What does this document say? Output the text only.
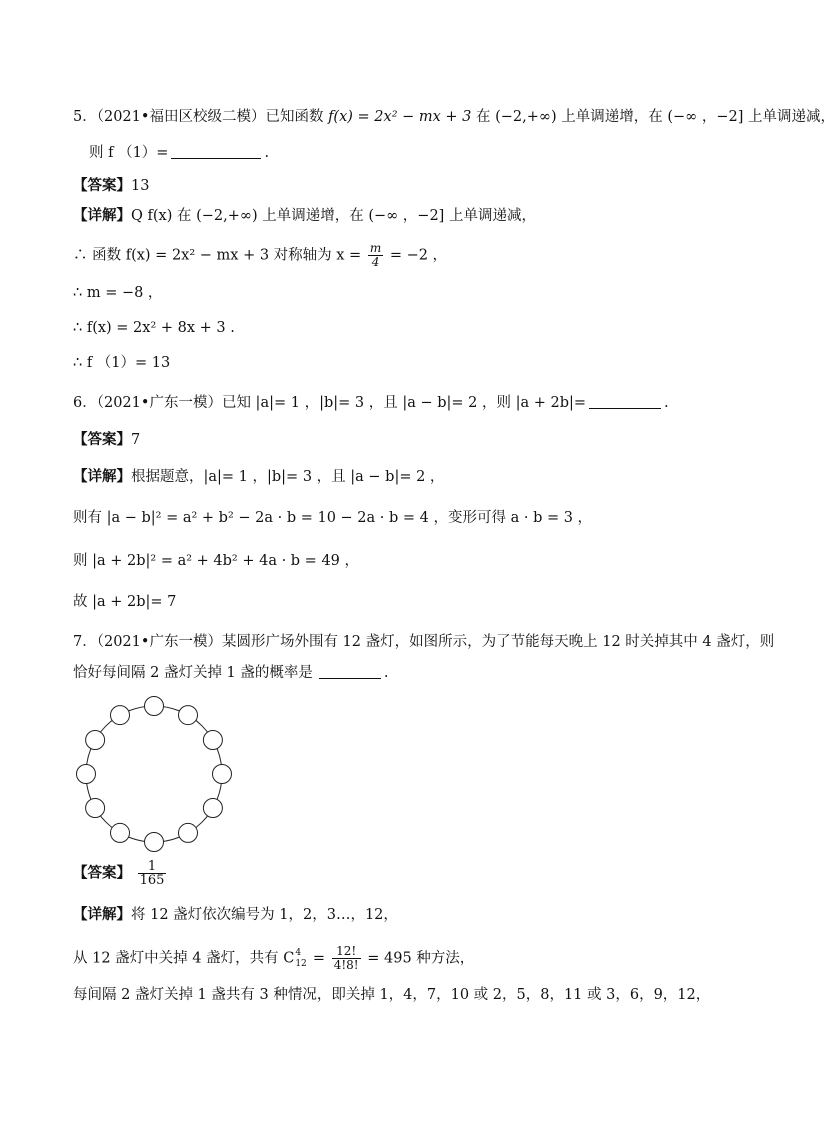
5．（2021•福田区校级二模）已知函数 f(x) = 2x² − mx + 3 在 (−2,+∞) 上单调递增，在 (−∞ ，−2] 上单调递减，
则 f （1）=	.
【答案】13
【详解】Q f(x) 在 (−2,+∞) 上单调递增，在 (−∞ ，−2] 上单调递减，
∴ 函数 f(x) = 2x² − mx + 3 对称轴为 $x = \frac{m}{4} = -2$ ，
∴ m = −8 ，
∴ f(x) = 2x² + 8x + 3 .
∴ f （1）= 13
6．（2021•广东一模）已知 |a|= 1 ，|b|= 3 ，且 |a − b|= 2 ，则 |a + 2b|=	.
【答案】7
【详解】根据题意，|a|= 1 ，|b|= 3 ，且 |a − b|= 2 ，
则有 |a − b|² = a² + b² − 2a · b = 10 − 2a · b = 4 ，变形可得 a · b = 3 ，
则 |a + 2b|² = a² + 4b² + 4a · b = 49 ，
故 |a + 2b|= 7
7．（2021•广东一模）某圆形广场外围有 12 盏灯，如图所示，为了节能每天晚上 12 时关掉其中 4 盏灯，则
恰好每间隔 2 盏灯关掉 1 盏的概率是	.
【答案】 $\frac{1}{165}$
【详解】将 12 盏灯依次编号为 1，2，3…，12，
从 12 盏灯中关掉 4 盏灯，共有 C 4
$12 = \frac{12!}{4!8!} = 495$ 种方法，
每间隔 2 盏灯关掉 1 盏共有 3 种情况，即关掉 1，4，7，10 或 2，5，8，11 或 3，6，9，12，
